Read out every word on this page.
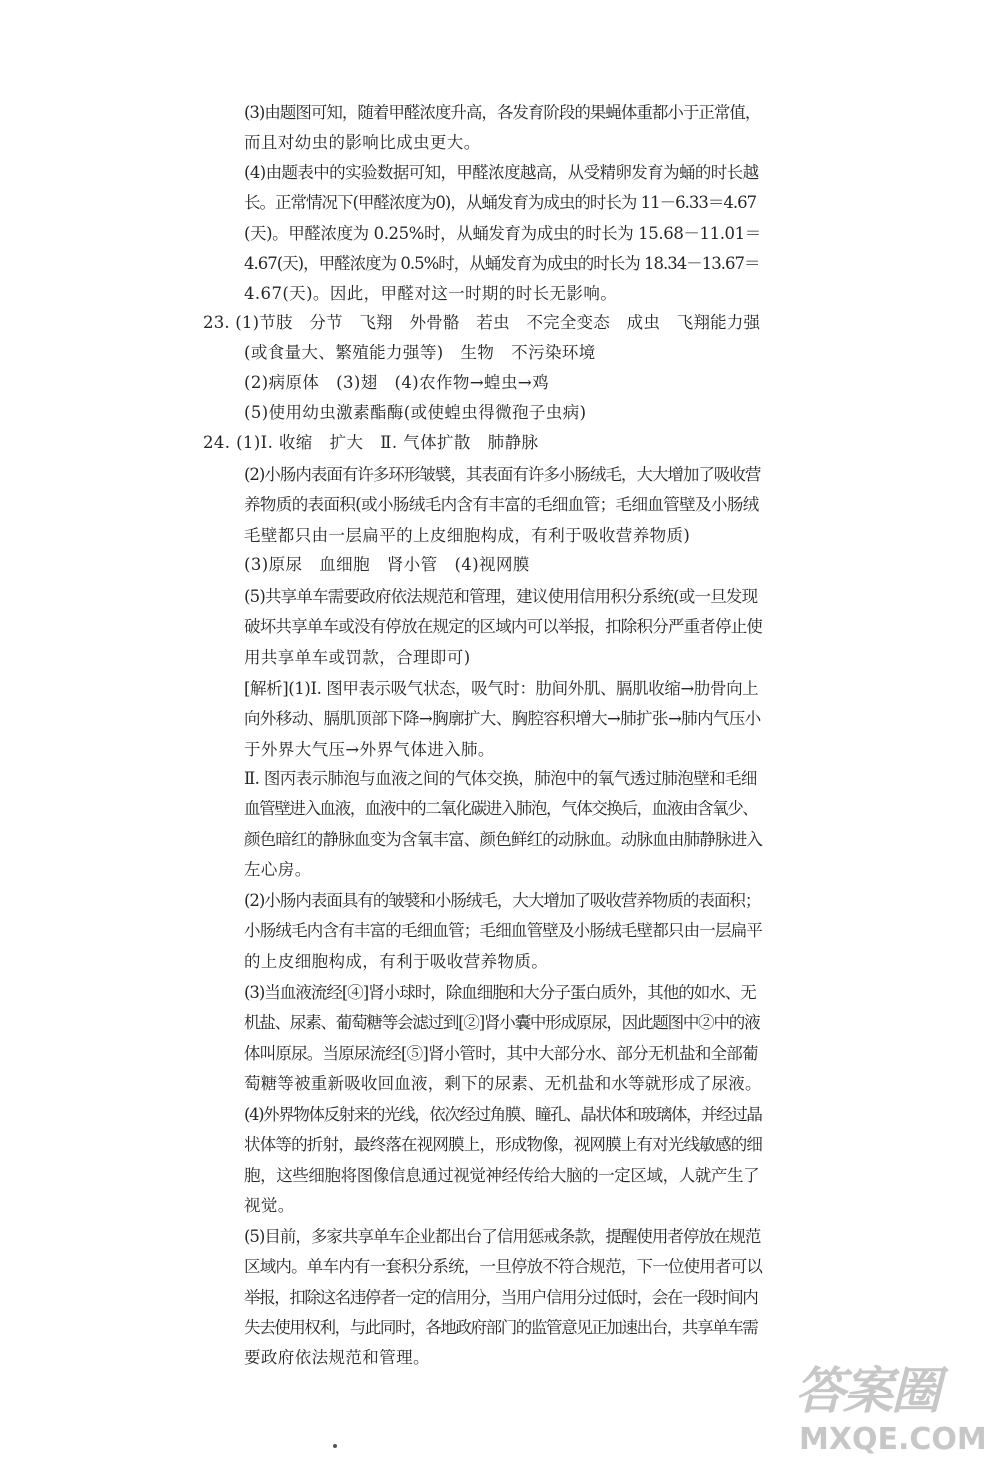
(3)由题图可知，随着甲醛浓度升高，各发育阶段的果蝇体重都小于正常值，
而且对幼虫的影响比成虫更大。
(4)由题表中的实验数据可知，甲醛浓度越高，从受精卵发育为蛹的时长越
长。正常情况下(甲醛浓度为0)，从蛹发育为成虫的时长为 11－6.33＝4.67
(天)。甲醛浓度为 0.25%时，从蛹发育为成虫的时长为 15.68－11.01＝
4.67(天)，甲醛浓度为 0.5%时，从蛹发育为成虫的时长为 18.34－13.67＝
4.67(天)。因此，甲醛对这一时期的时长无影响。
23. (1)节肢　分节　飞翔　外骨骼　若虫　不完全变态　成虫　飞翔能力强
(或食量大、繁殖能力强等)　生物　不污染环境
(2)病原体　(3)翅　(4)农作物→蝗虫→鸡
(5)使用幼虫激素酯酶(或使蝗虫得微孢子虫病)
24. (1)Ⅰ. 收缩　扩大　Ⅱ. 气体扩散　肺静脉
(2)小肠内表面有许多环形皱襞，其表面有许多小肠绒毛，大大增加了吸收营
养物质的表面积(或小肠绒毛内含有丰富的毛细血管；毛细血管壁及小肠绒
毛壁都只由一层扁平的上皮细胞构成，有利于吸收营养物质)
(3)原尿　血细胞　肾小管　(4)视网膜
(5)共享单车需要政府依法规范和管理，建议使用信用积分系统(或一旦发现
破坏共享单车或没有停放在规定的区域内可以举报，扣除积分严重者停止使
用共享单车或罚款，合理即可)
[解析](1)Ⅰ. 图甲表示吸气状态，吸气时：肋间外肌、膈肌收缩→肋骨向上
向外移动、膈肌顶部下降→胸廓扩大、胸腔容积增大→肺扩张→肺内气压小
于外界大气压→外界气体进入肺。
Ⅱ. 图丙表示肺泡与血液之间的气体交换，肺泡中的氧气透过肺泡壁和毛细
血管壁进入血液，血液中的二氧化碳进入肺泡，气体交换后，血液由含氧少、
颜色暗红的静脉血变为含氧丰富、颜色鲜红的动脉血。动脉血由肺静脉进入
左心房。
(2)小肠内表面具有的皱襞和小肠绒毛，大大增加了吸收营养物质的表面积；
小肠绒毛内含有丰富的毛细血管；毛细血管壁及小肠绒毛壁都只由一层扁平
的上皮细胞构成，有利于吸收营养物质。
(3)当血液流经[④]肾小球时，除血细胞和大分子蛋白质外，其他的如水、无
机盐、尿素、葡萄糖等会滤过到[②]肾小囊中形成原尿，因此题图中②中的液
体叫原尿。当原尿流经[⑤]肾小管时，其中大部分水、部分无机盐和全部葡
萄糖等被重新吸收回血液，剩下的尿素、无机盐和水等就形成了尿液。
(4)外界物体反射来的光线，依次经过角膜、瞳孔、晶状体和玻璃体，并经过晶
状体等的折射，最终落在视网膜上，形成物像，视网膜上有对光线敏感的细
胞，这些细胞将图像信息通过视觉神经传给大脑的一定区域，人就产生了
视觉。
(5)目前，多家共享单车企业都出台了信用惩戒条款，提醒使用者停放在规范
区域内。单车内有一套积分系统，一旦停放不符合规范，下一位使用者可以
举报，扣除这名违停者一定的信用分，当用户信用分过低时，会在一段时间内
失去使用权利，与此同时，各地政府部门的监管意见正加速出台，共享单车需
要政府依法规范和管理。
答案圈
MXQE.COM
